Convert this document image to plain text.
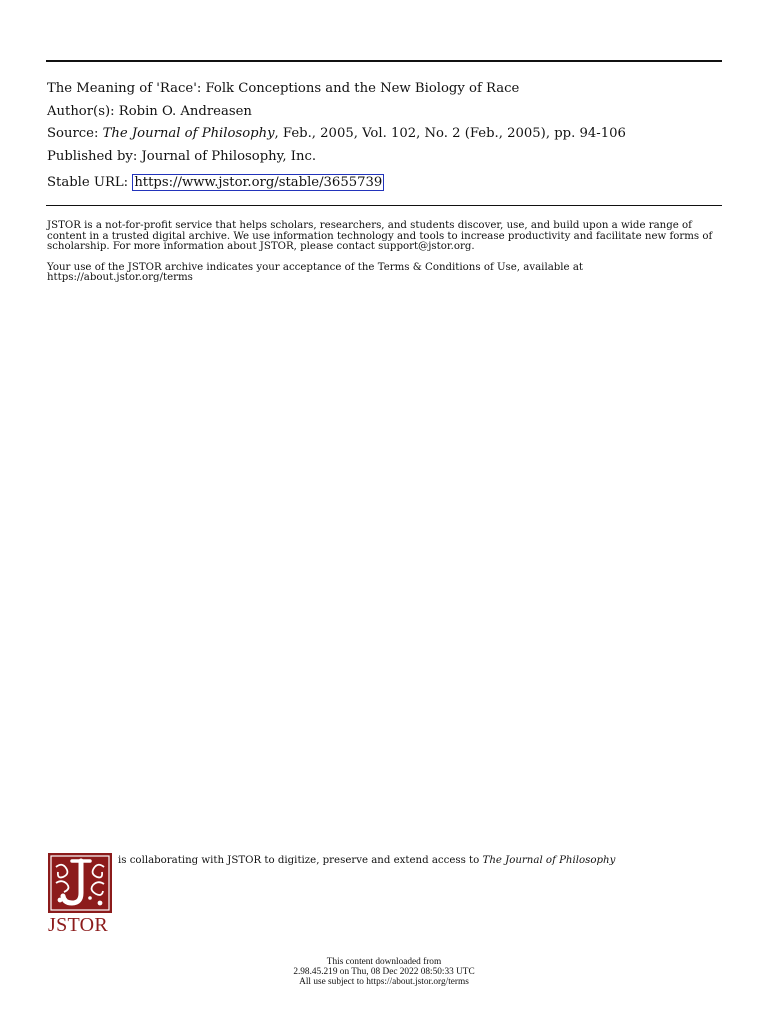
The Meaning of 'Race': Folk Conceptions and the New Biology of Race
Author(s): Robin O. Andreasen
Source: The Journal of Philosophy, Feb., 2005, Vol. 102, No. 2 (Feb., 2005), pp. 94-106
Published by: Journal of Philosophy, Inc.
Stable URL: https://www.jstor.org/stable/3655739

JSTOR is a not-for-profit service that helps scholars, researchers, and students discover, use, and build upon a wide range of content in a trusted digital archive. We use information technology and tools to increase productivity and facilitate new forms of scholarship. For more information about JSTOR, please contact support@jstor.org.

Your use of the JSTOR archive indicates your acceptance of the Terms & Conditions of Use, available at https://about.jstor.org/terms

JSTOR
is collaborating with JSTOR to digitize, preserve and extend access to The Journal of Philosophy
This content downloaded from
2.98.45.219 on Thu, 08 Dec 2022 08:50:33 UTC
All use subject to https://about.jstor.org/terms
